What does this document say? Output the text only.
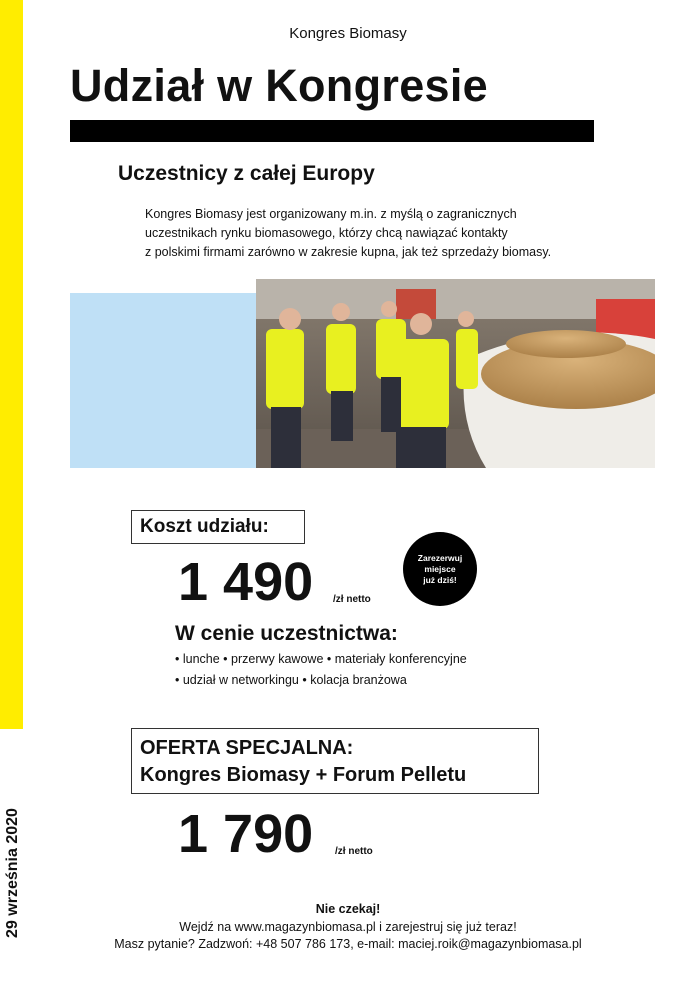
29 września 2020
Kongres Biomasy
Udział w Kongresie
Uczestnicy z całej Europy

Kongres Biomasy jest organizowany m.in. z myślą o zagranicznych
uczestnikach rynku biomasowego, którzy chcą nawiązać kontakty
z polskimi firmami zarówno w zakresie kupna, jak też sprzedaży biomasy.

Koszt udziału:
1 490 /zł netto
Zarezerwuj
miejsce
już dziś!
W cenie uczestnictwa:
• lunche • przerwy kawowe • materiały konferencyjne
• udział w networkingu • kolacja branżowa
OFERTA SPECJALNA:
Kongres Biomasy + Forum Pelletu
1 790 /zł netto
Nie czekaj!
Wejdź na www.magazynbiomasa.pl i zarejestruj się już teraz!
Masz pytanie? Zadzwoń: +48 507 786 173, e-mail: maciej.roik@magazynbiomasa.pl
